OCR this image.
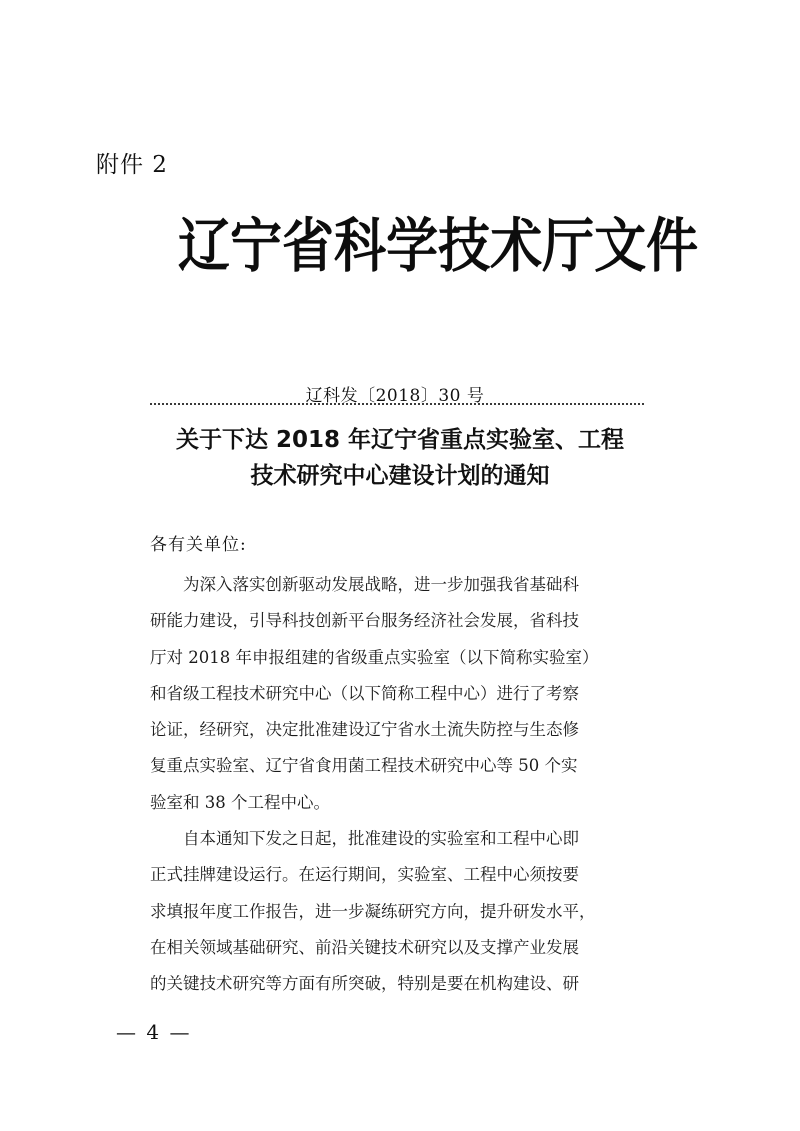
附件 2
辽 宁 省 科 学 技 术 厅 文 件
辽科发〔2018〕30 号
关于下达 2018 年辽宁省重点实验室、工程
技术研究中心建设计划的通知
各有关单位:
为深入落实创新驱动发展战略，进一步加强我省基础科
研能力建设，引导科技创新平台服务经济社会发展，省科技
厅对 2018 年申报组建的省级重点实验室（以下简称实验室）
和省级工程技术研究中心（以下简称工程中心）进行了考察
论证，经研究，决定批准建设辽宁省水土流失防控与生态修
复重点实验室、辽宁省食用菌工程技术研究中心等 50 个实
验室和 38 个工程中心。
自本通知下发之日起，批准建设的实验室和工程中心即
正式挂牌建设运行。在运行期间，实验室、工程中心须按要
求填报年度工作报告，进一步凝练研究方向，提升研发水平，
在相关领域基础研究、前沿关键技术研究以及支撑产业发展
的关键技术研究等方面有所突破，特别是要在机构建设、研
— 4 —
